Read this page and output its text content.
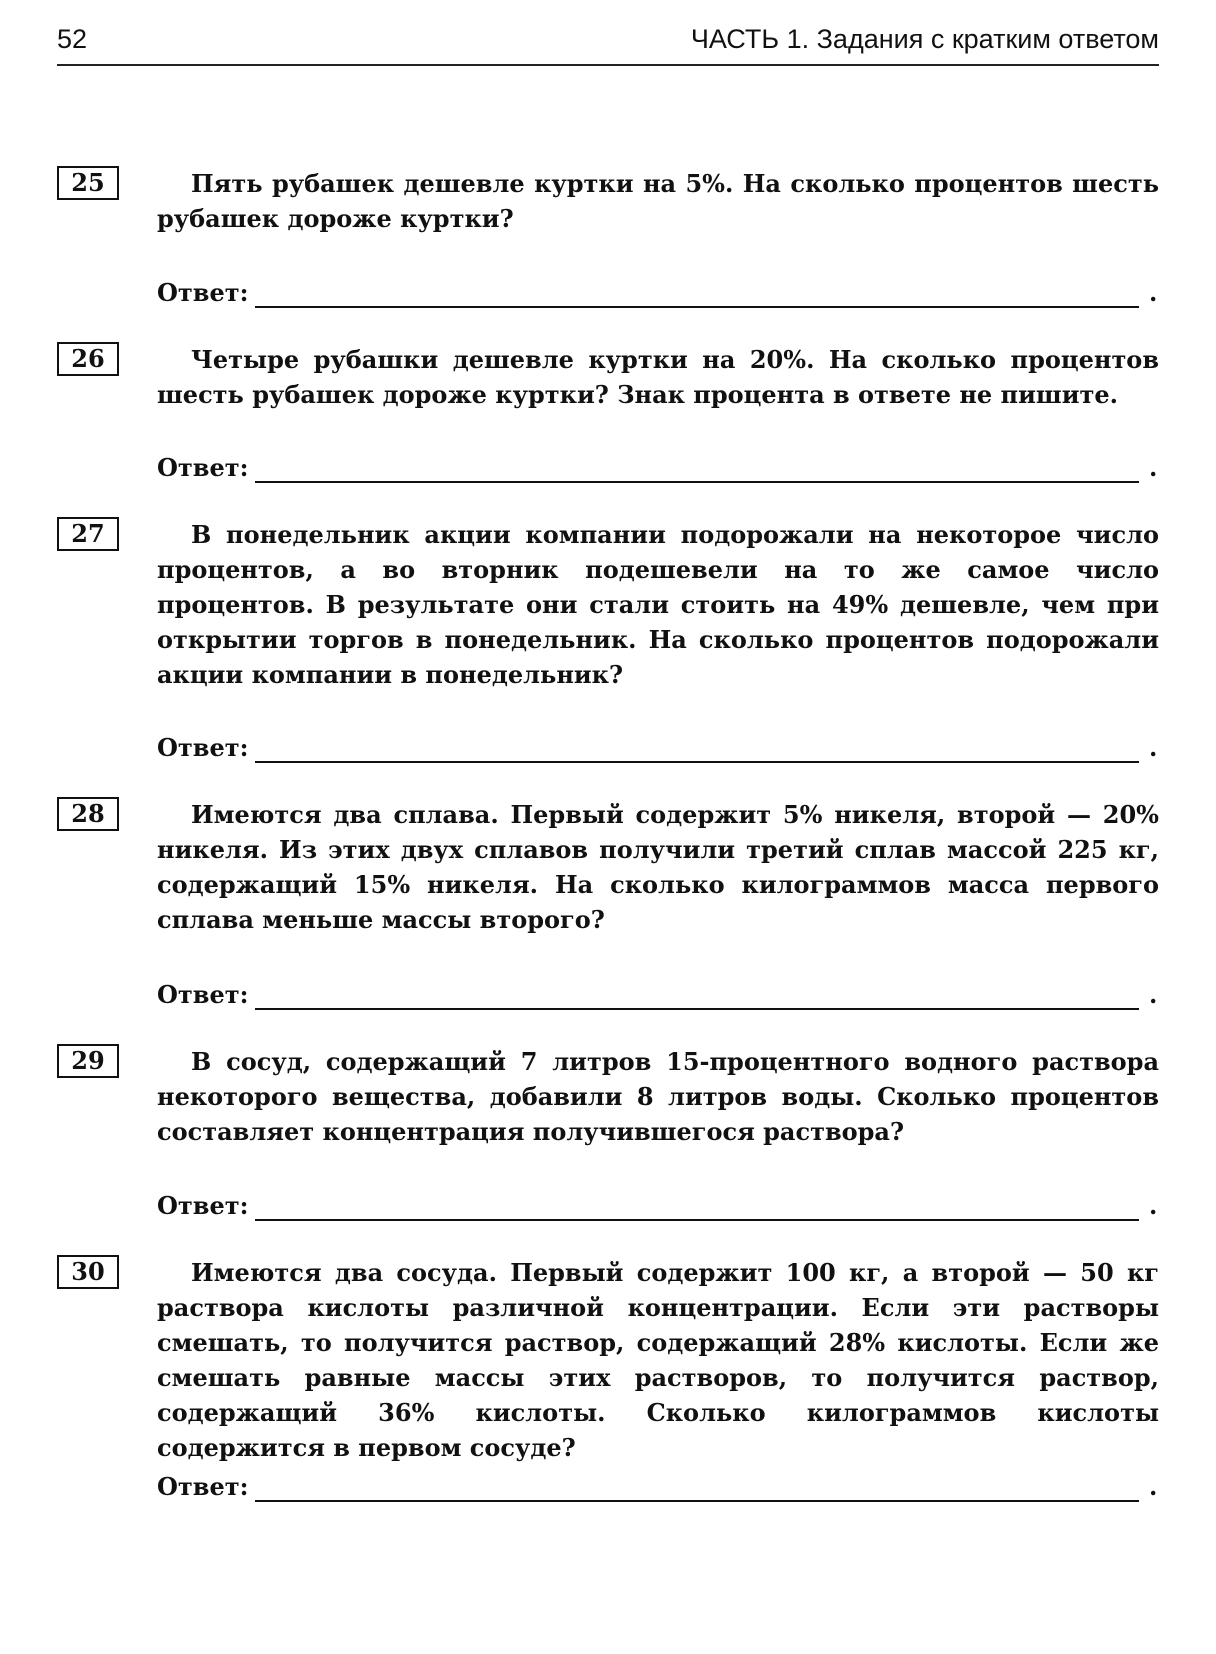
52	ЧАСТЬ 1. Задания с кратким ответом
25	Пять рубашек дешевле куртки на 5%. На сколько процентов шесть рубашек дороже куртки?

Ответ:	.
26	Четыре рубашки дешевле куртки на 20%. На сколько процентов шесть рубашек дороже куртки? Знак процента в ответе не пишите.

Ответ:	.
27	В понедельник акции компании подорожали на некоторое число процентов, а во вторник подешевели на то же самое число процентов. В результате они стали стоить на 49% дешевле, чем при открытии торгов в понедельник. На сколько процентов подорожали акции компании в понедельник?

Ответ:	.
28	Имеются два сплава. Первый содержит 5% никеля, второй — 20% никеля. Из этих двух сплавов получили третий сплав массой 225 кг, содержащий 15% никеля. На сколько килограммов масса первого сплава меньше массы второго?

Ответ:	.
29	В сосуд, содержащий 7 литров 15-процентного водного раствора некоторого вещества, добавили 8 литров воды. Сколько процентов составляет концентрация получившегося раствора?

Ответ:	.
30	Имеются два сосуда. Первый содержит 100 кг, а второй — 50 кг раствора кислоты различной концентрации. Если эти растворы смешать, то получится раствор, содержащий 28% кислоты. Если же смешать равные массы этих растворов, то получится раствор, содержащий 36% кислоты. Сколько килограммов кислоты содержится в первом сосуде?

Ответ:	.
